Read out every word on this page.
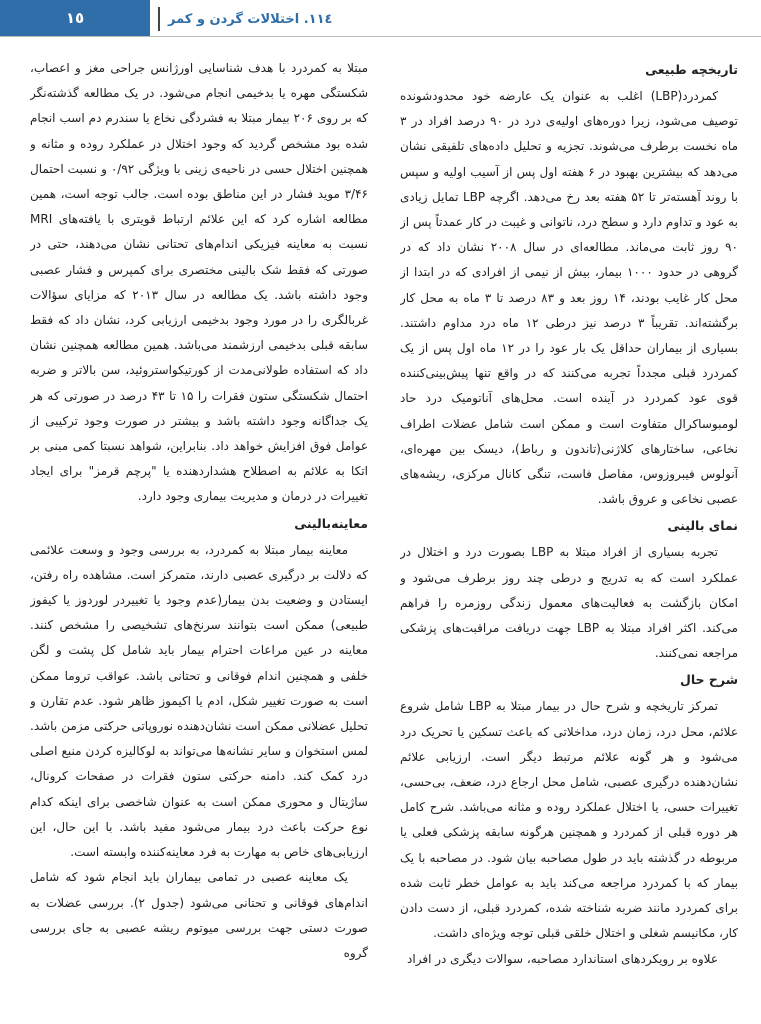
١٥	١١٤. اختلالات گردن و کمر
تاریخچه طبیعی

کمردرد(LBP) اغلب به عنوان یک عارضه خود محدودشونده توصیف می‌شود، زیرا دوره‌های اولیه‌ی درد در ۹۰ درصد افراد در ۳ ماه نخست برطرف می‌شوند. تجزیه و تحلیل داده‌های تلفیقی نشان می‌دهد که بیشترین بهبود در ۶ هفته اول پس از آسیب اولیه و سپس با روند آهسته‌تر تا ۵۲ هفته بعد رخ می‌دهد. اگرچه LBP تمایل زیادی به عود و تداوم دارد و سطح درد، ناتوانی و غیبت در کار عمدتاً پس از ۹۰ روز ثابت می‌ماند. مطالعه‌ای در سال ۲۰۰۸ نشان داد که در گروهی در حدود ۱۰۰۰ بیمار، بیش از نیمی از افرادی که در ابتدا از محل کار غایب بودند، ۱۴ روز بعد و ۸۳ درصد تا ۳ ماه به محل کار برگشته‌اند. تقریباً ۳ درصد نیز درطی ۱۲ ماه درد مداوم داشتند. بسیاری از بیماران حداقل یک بار عود را در ۱۲ ماه اول پس از یک کمردرد قبلی مجدداً تجربه می‌کنند که در واقع تنها پیش‌بینی‌کننده قوی عود کمردرد در آینده است. محل‌های آناتومیک درد حاد لومبوساکرال متفاوت است و ممکن است شامل عضلات اطراف نخاعی، ساختارهای کلاژنی(تاندون و رباط)، دیسک بین مهره‌ای، آنولوس فیبروزوس، مفاصل فاست، تنگی کانال مرکزی، ریشه‌های عصبی نخاعی و عروق باشد.

نمای بالینی

تجربه بسیاری از افراد مبتلا به LBP بصورت درد و اختلال در عملکرد است که به تدریج و درطی چند روز برطرف می‌شود و امکان بازگشت به فعالیت‌های معمول زندگی روزمره را فراهم می‌کند. اکثر افراد مبتلا به LBP جهت دریافت مراقبت‌های پزشکی مراجعه نمی‌کنند.

شرح حال

تمرکز تاریخچه و شرح حال در بیمار مبتلا به LBP شامل شروع علائم، محل درد، زمان درد، مداخلاتی که باعث تسکین یا تحریک درد می‌شود و هر گونه علائم مرتبط دیگر است. ارزیابی علائم نشان‌دهنده درگیری عصبی، شامل محل ارجاع درد، ضعف، بی‌حسی، تغییرات حسی، یا اختلال عملکرد روده و مثانه می‌باشد. شرح کامل هر دوره قبلی از کمردرد و همچنین هرگونه سابقه پزشکی فعلی یا مربوطه در گذشته باید در طول مصاحبه بیان شود. در مصاحبه با یک بیمار که با کمردرد مراجعه می‌کند باید به عوامل خطر ثابت شده برای کمردرد مانند ضربه شناخته شده، کمردرد قبلی، از دست دادن کار، مکانیسم شغلی و اختلال خلقی قبلی توجه ویژه‌ای داشت.

علاوه بر رویکردهای استاندارد مصاحبه، سوالات دیگری در افراد

مبتلا به کمردرد با هدف شناسایی اورژانس جراحی مغز و اعصاب، شکستگی مهره یا بدخیمی انجام می‌شود. در یک مطالعه گذشته‌نگر که بر روی ۲۰۶ بیمار مبتلا به فشردگی نخاع یا سندرم دم اسب انجام شده بود مشخص گردید که وجود اختلال در عملکرد روده و مثانه و همچنین اختلال حسی در ناحیه‌ی زینی با ویژگی ۰/۹۲ و نسبت احتمال ۳/۴۶ موید فشار در این مناطق بوده است. جالب توجه است، همین مطالعه اشاره کرد که این علائم ارتباط قویتری با یافته‌های MRI نسبت به معاینه فیزیکی اندام‌های تحتانی نشان می‌دهند، حتی در صورتی که فقط شک بالینی مختصری برای کمپرس و فشار عصبی وجود داشته باشد. یک مطالعه در سال ۲۰۱۳ که مزایای سؤالات غربالگری را در مورد وجود بدخیمی ارزیابی کرد، نشان داد که فقط سابقه قبلی بدخیمی ارزشمند می‌باشد. همین مطالعه همچنین نشان داد که استفاده طولانی‌مدت از کورتیکواستروئید، سن بالاتر و ضربه احتمال شکستگی ستون فقرات را ۱۵ تا ۴۳ درصد در صورتی که هر یک جداگانه وجود داشته باشد و بیشتر در صورت وجود ترکیبی از عوامل فوق افزایش خواهد داد. بنابراین، شواهد نسبتا کمی مبنی بر اتکا به علائم به اصطلاح هشداردهنده یا "پرچم قرمز" برای ایجاد تغییرات در درمان و مدیریت بیماری وجود دارد.

معاینه‌بالینی

معاینه بیمار مبتلا به کمردرد، به بررسی وجود و وسعت علائمی که دلالت بر درگیری عصبی دارند، متمرکز است. مشاهده راه رفتن، ایستادن و وضعیت بدن بیمار(عدم وجود یا تغییردر لوردوز یا کیفوز طبیعی) ممکن است بتوانند سرنخ‌های تشخیصی را مشخص کنند. معاینه در عین مراعات احترام بیمار باید شامل کل پشت و لگن خلفی و همچنین اندام فوقانی و تحتانی باشد. عواقب تروما ممکن است به صورت تغییر شکل، ادم یا اکیموز ظاهر شود. عدم تقارن و تحلیل عضلانی ممکن است نشان‌دهنده نوروپاتی حرکتی مزمن باشد. لمس استخوان و سایر نشانه‌ها می‌تواند به لوکالیزه کردن منبع اصلی درد کمک کند. دامنه حرکتی ستون فقرات در صفحات کرونال، ساژیتال و محوری ممکن است به عنوان شاخصی برای اینکه کدام نوع حرکت باعث درد بیمار می‌شود مفید باشد. با این حال، این ارزیابی‌های خاص به مهارت به فرد معاینه‌کننده وابسته است.

یک معاینه عصبی در تمامی بیماران باید انجام شود که شامل اندام‌های فوقانی و تحتانی می‌شود (جدول ۲). بررسی عضلات به صورت دستی جهت بررسی میوتوم ریشه عصبی به جای بررسی گروه
